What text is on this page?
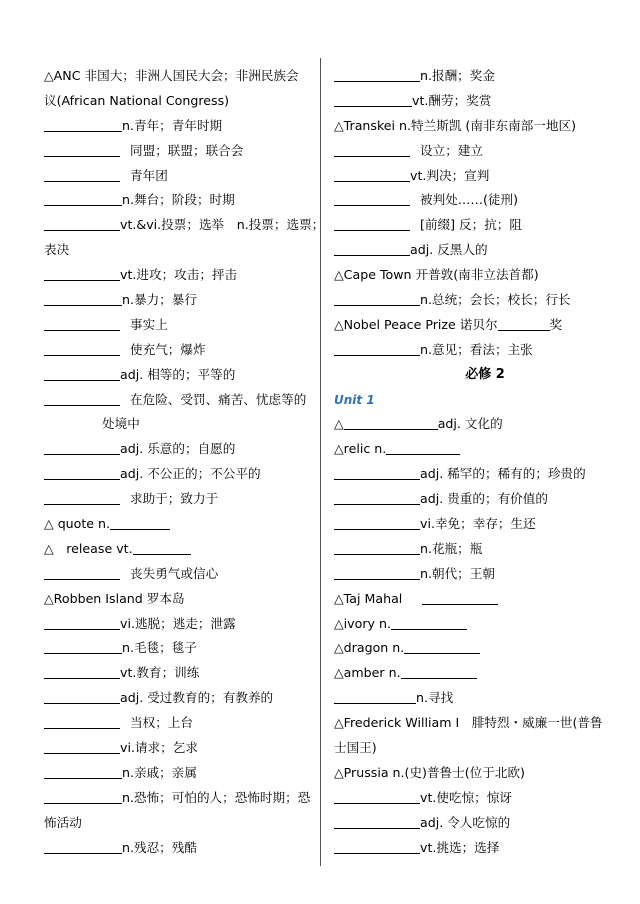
△ANC 非国大；非洲人国民大会；非洲民族会
议(African National Congress)
n.青年；青年时期
同盟；联盟；联合会
青年团
n.舞台；阶段；时期
vt.&vi.投票；选举　n.投票；选票；
表决
vt.进攻；攻击；抨击
n.暴力；暴行
事实上
使充气；爆炸
adj. 相等的；平等的
在危险、受罚、痛苦、忧虑等的
处境中
adj. 乐意的；自愿的
adj. 不公正的；不公平的
求助于；致力于
△ quote n.
△　release vt.
丧失勇气或信心
△Robben Island 罗本岛
vi.逃脱；逃走；泄露
n.毛毯；毯子
vt.教育；训练
adj. 受过教育的；有教养的
当权；上台
vi.请求；乞求
n.亲戚；亲属
n.恐怖；可怕的人；恐怖时期；恐
怖活动
n.残忍；残酷
n.报酬；奖金
vt.酬劳；奖赏
△Transkei n.特兰斯凯 (南非东南部一地区)
设立；建立
vt.判决；宣判
被判处……(徒刑)
[前缀] 反；抗；阻
adj. 反黑人的
△Cape Town 开普敦(南非立法首都)
n.总统；会长；校长；行长
△Nobel Peace Prize 诺贝尔	奖
n.意见；看法；主张
必修 2
Unit 1
△	adj. 文化的
△relic n.
adj. 稀罕的；稀有的；珍贵的
adj. 贵重的；有价值的
vi.幸免；幸存；生还
n.花瓶；瓶
n.朝代；王朝
△Taj Mahal
△ivory n.
△dragon n.
△amber n.
n.寻找
△Frederick William I　腓特烈・威廉一世(普鲁
士国王)
△Prussia n.(史)普鲁士(位于北欧)
vt.使吃惊；惊讶
adj. 令人吃惊的
vt.挑选；选择
